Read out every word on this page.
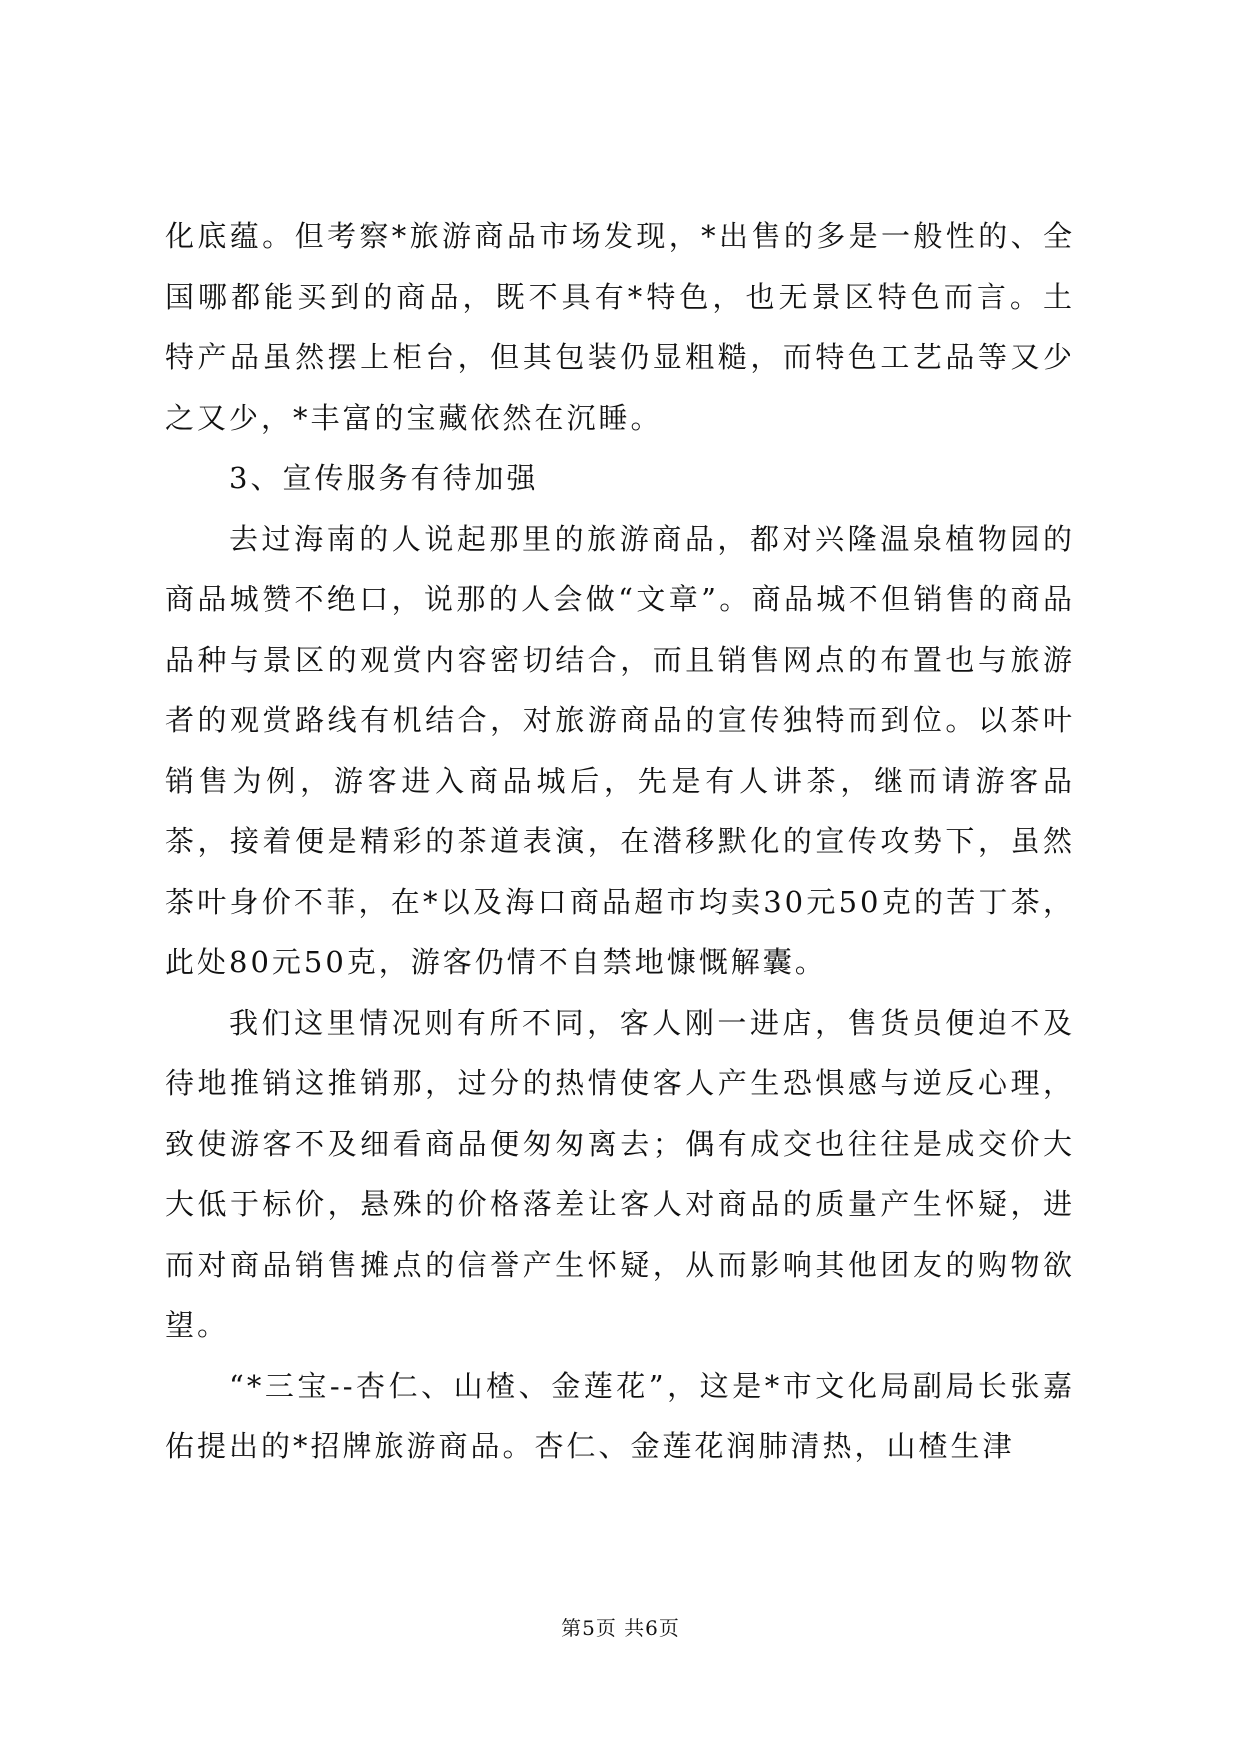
化底蕴。但考察*旅游商品市场发现，*出售的多是一般性的、全国哪都能买到的商品，既不具有*特色，也无景区特色而言。土特产品虽然摆上柜台，但其包装仍显粗糙，而特色工艺品等又少之又少，*丰富的宝藏依然在沉睡。

3、宣传服务有待加强

去过海南的人说起那里的旅游商品，都对兴隆温泉植物园的商品城赞不绝口，说那的人会做“文章”。商品城不但销售的商品品种与景区的观赏内容密切结合，而且销售网点的布置也与旅游者的观赏路线有机结合，对旅游商品的宣传独特而到位。以茶叶销售为例，游客进入商品城后，先是有人讲茶，继而请游客品茶，接着便是精彩的茶道表演，在潜移默化的宣传攻势下，虽然茶叶身价不菲，在*以及海口商品超市均卖30元50克的苦丁茶，此处80元50克，游客仍情不自禁地慷慨解囊。

我们这里情况则有所不同，客人刚一进店，售货员便迫不及待地推销这推销那，过分的热情使客人产生恐惧感与逆反心理，致使游客不及细看商品便匆匆离去；偶有成交也往往是成交价大大低于标价，悬殊的价格落差让客人对商品的质量产生怀疑，进而对商品销售摊点的信誉产生怀疑，从而影响其他团友的购物欲望。

“*三宝--杏仁、山楂、金莲花”，这是*市文化局副局长张嘉佑提出的*招牌旅游商品。杏仁、金莲花润肺清热，山楂生津

第5页 共6页
